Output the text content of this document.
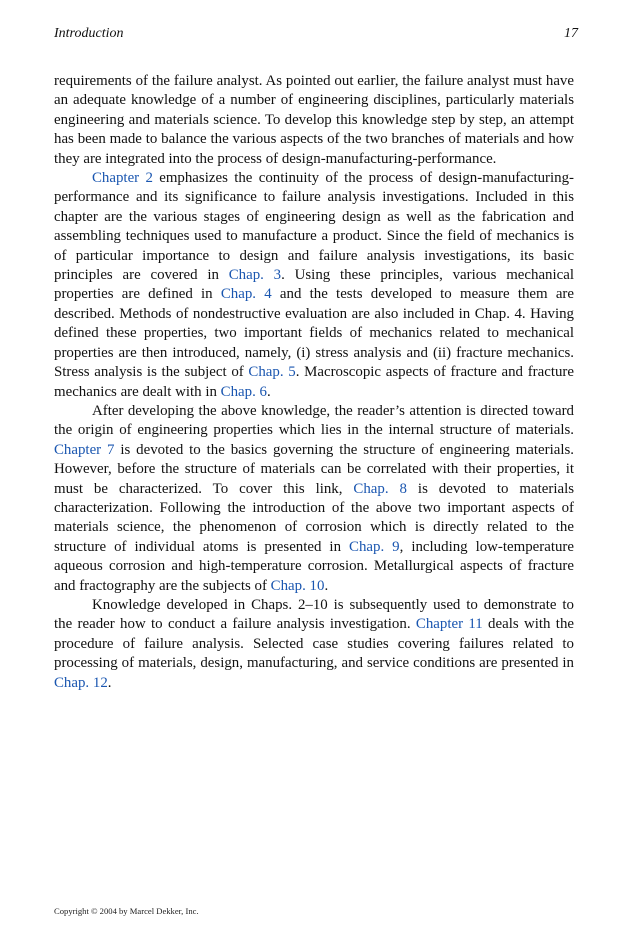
Introduction	17

requirements of the failure analyst. As pointed out earlier, the failure analyst must have an adequate knowledge of a number of engineering disciplines, particularly materials engineering and materials science. To develop this knowledge step by step, an attempt has been made to balance the various aspects of the two branches of materials and how they are integrated into the process of design-manufacturing-performance.

Chapter 2 emphasizes the continuity of the process of design-manufacturing-performance and its significance to failure analysis investigations. Included in this chapter are the various stages of engineering design as well as the fabrication and assembling techniques used to manufacture a product. Since the field of mechanics is of particular importance to design and failure analysis investigations, its basic principles are covered in Chap. 3. Using these principles, various mechanical properties are defined in Chap. 4 and the tests developed to measure them are described. Methods of nondestructive evaluation are also included in Chap. 4. Having defined these properties, two important fields of mechanics related to mechanical properties are then introduced, namely, (i) stress analysis and (ii) fracture mechanics. Stress analysis is the subject of Chap. 5. Macroscopic aspects of fracture and fracture mechanics are dealt with in Chap. 6.

After developing the above knowledge, the reader’s attention is directed toward the origin of engineering properties which lies in the internal structure of materials. Chapter 7 is devoted to the basics governing the structure of engineering materials. However, before the structure of materials can be correlated with their properties, it must be characterized. To cover this link, Chap. 8 is devoted to materials characterization. Following the introduction of the above two important aspects of materials science, the phenomenon of corrosion which is directly related to the structure of individual atoms is presented in Chap. 9, including low-temperature aqueous corrosion and high-temperature corrosion. Metallurgical aspects of fracture and fractography are the subjects of Chap. 10.

Knowledge developed in Chaps. 2–10 is subsequently used to demonstrate to the reader how to conduct a failure analysis investigation. Chapter 11 deals with the procedure of failure analysis. Selected case studies covering failures related to processing of materials, design, manufacturing, and service conditions are presented in Chap. 12.

Copyright © 2004 by Marcel Dekker, Inc.
